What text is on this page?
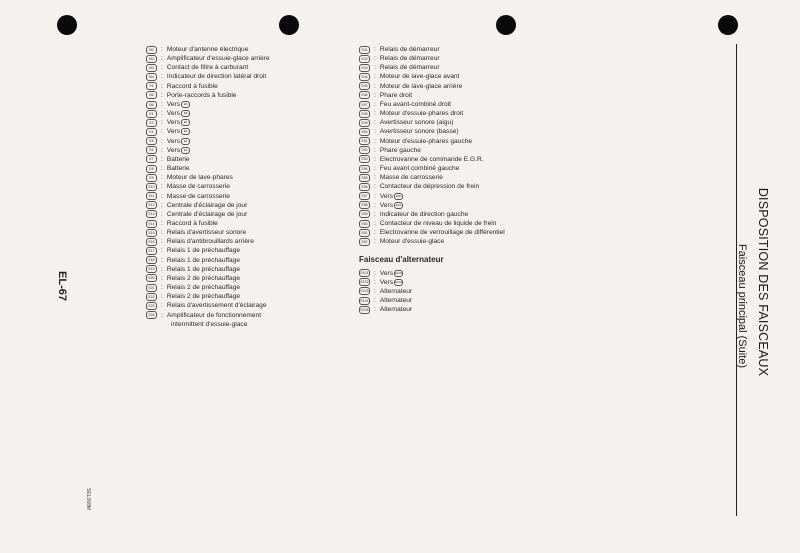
M1	: Moteur d'antenne électrique
M2	: Amplificateur d'essuie-glace arrière
M3	: Contact de filtre à carburant
M4	: Indicateur de direction latéral droit
F6	: Raccord à fusible
B6	: Porte-raccords à fusible
B6	: Vers	E6
E1	: Vers	E5
E3	: Vers	E4
E4	: Vers	E3
E5	: Vers	E2
E6	: Vers	E1
E7	: Batterie
E8	: Batterie
E9	: Moteur de lave-phares
E10 : Masse de carrosserie
E11	: Masse de carrosserie
E12 : Centrale d'éclairage de jour
E13 : Centrale d'éclairage de jour
E14 : Raccord à fusible
E15 : Relais d'avertisseur sonore
E16 : Relais d'antibrouillards arrière
E17 : Relais 1 de préchauffage
E18 : Relais 1 de préchauffage
E19 : Relais 1 de préchauffage
E20 : Relais 2 de préchauffage
E21 : Relais 2 de préchauffage
E22 : Relais 2 de préchauffage
E23 : Relais d'avertissement d'éclairage
E24 : Amplificateur de fonctionnement
intermittent d'essuie-glace
E41 : Relais de démarreur
E42 : Relais de démarreur
E43 : Relais de démarreur
E44 : Moteur de lave-glace avant
E45 : Moteur de lave-glace arrière
E46 : Phare droit
E47 : Feu avant-combiné droit
E48 : Moteur d'essuie-phares droit
E49 : Avertisseur sonore (aigu)
E50 : Avertisseur sonore (basse)
E51 : Moteur d'essuie-phares gauche
E52 : Phare gauche
E53 : Electrovanne de commande E.G.R.
E54 : Feu avant combiné gauche
E55 : Masse de carrosserie
E56 : Contacteur de dépression de frein
E57 : Vers E60
E58 : Vers E61
E59 : Indicateur de direction gauche
E60 : Contacteur de niveau de liquide de frein
E61 : Electrovanne de verrouillage de différentiel
E62 : Moteur d'essuie-glace
Faisceau d'alternateur
E101 : Vers E103
E102 : Vers E104
E103 : Alternateur
E104 : Alternateur
E105 : Alternateur	DISPOSITION DES FAISCEAUX
Faisceau principal (Suite)
EL-67
SEL068M
